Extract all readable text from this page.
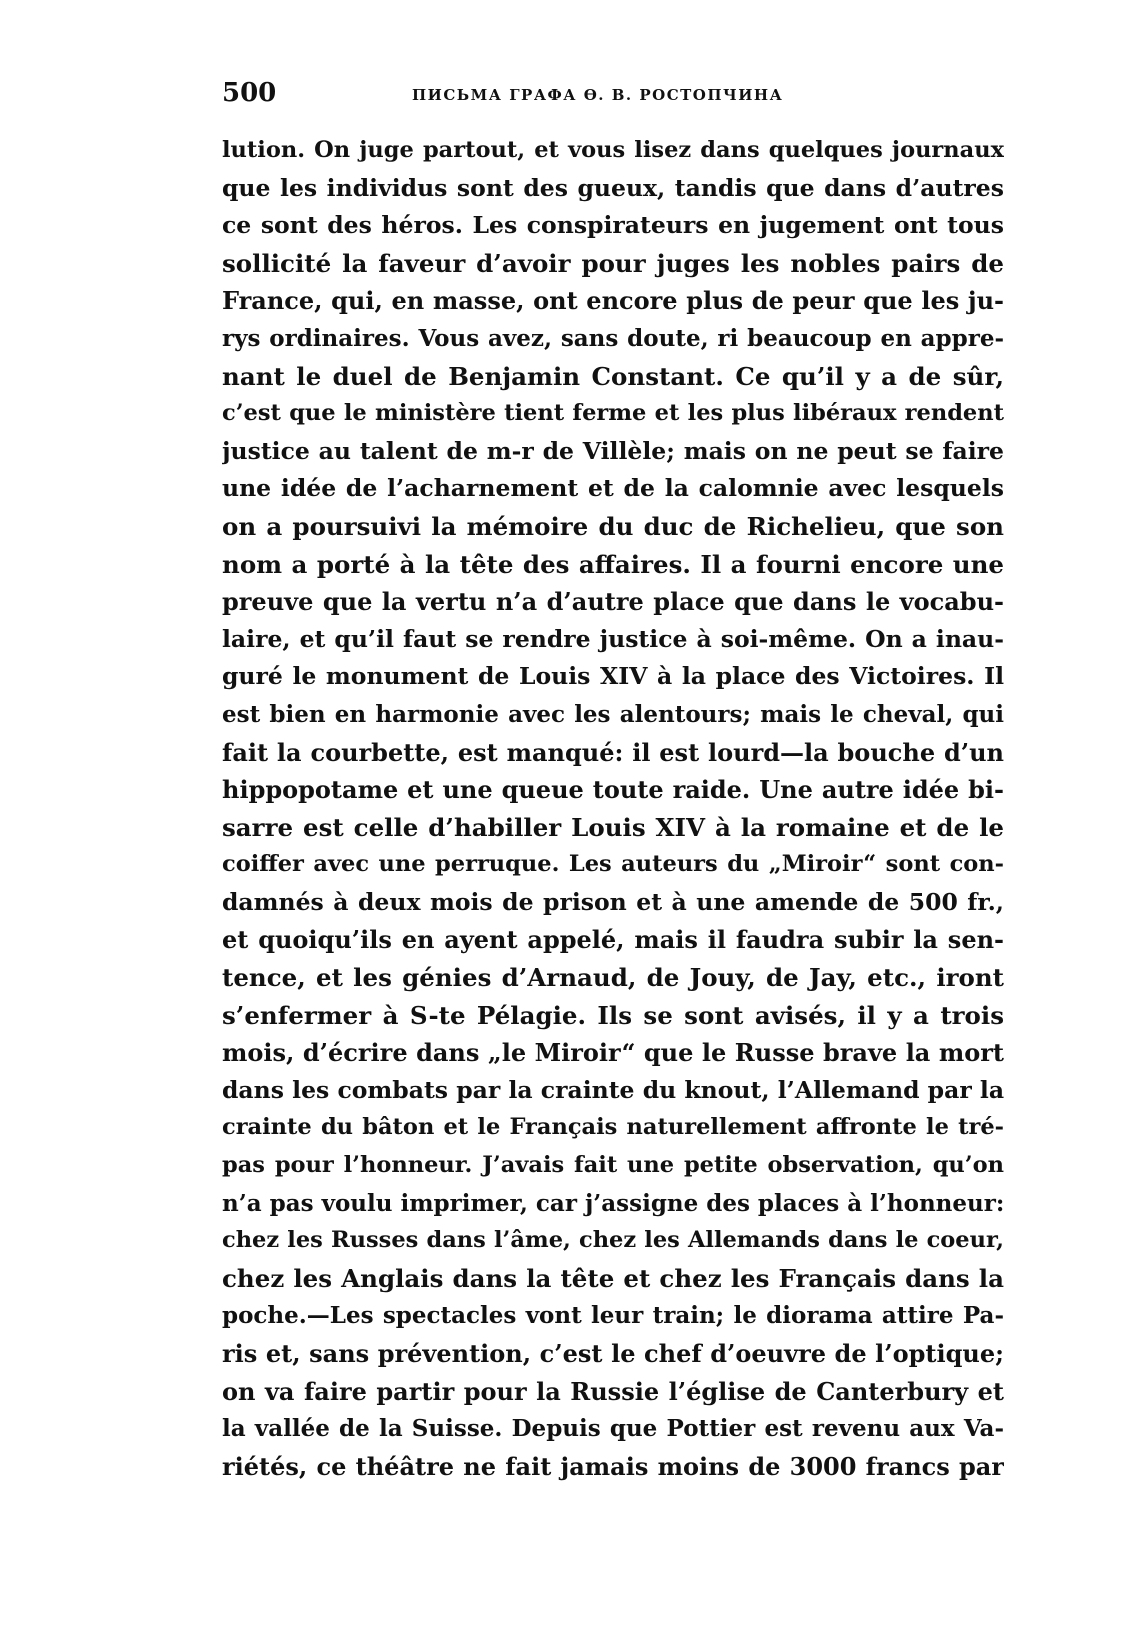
500	ПИСЬМА ГРАФА Ѳ. В. РОСТОПЧИНА
lution. On juge partout, et vous lisez dans quelques journaux
que les individus sont des gueux, tandis que dans d’autres
ce sont des héros. Les conspirateurs en jugement ont tous
sollicité la faveur d’avoir pour juges les nobles pairs de
France, qui, en masse, ont encore plus de peur que les ju-
rys ordinaires. Vous avez, sans doute, ri beaucoup en appre-
nant le duel de Benjamin Constant. Ce qu’il y a de sûr,
c’est que le ministère tient ferme et les plus libéraux rendent
justice au talent de m-r de Villèle; mais on ne peut se faire
une idée de l’acharnement et de la calomnie avec lesquels
on a poursuivi la mémoire du duc de Richelieu, que son
nom a porté à la tête des affaires. Il a fourni encore une
preuve que la vertu n’a d’autre place que dans le vocabu-
laire, et qu’il faut se rendre justice à soi-même. On a inau-
guré le monument de Louis XIV à la place des Victoires. Il
est bien en harmonie avec les alentours; mais le cheval, qui
fait la courbette, est manqué: il est lourd—la bouche d’un
hippopotame et une queue toute raide. Une autre idée bi-
sarre est celle d’habiller Louis XIV à la romaine et de le
coiffer avec une perruque. Les auteurs du „Miroir“ sont con-
damnés à deux mois de prison et à une amende de 500 fr.,
et quoiqu’ils en ayent appelé, mais il faudra subir la sen-
tence, et les génies d’Arnaud, de Jouy, de Jay, etc., iront
s’enfermer à S-te Pélagie. Ils se sont avisés, il y a trois
mois, d’écrire dans „le Miroir“ que le Russe brave la mort
dans les combats par la crainte du knout, l’Allemand par la
crainte du bâton et le Français naturellement affronte le tré-
pas pour l’honneur. J’avais fait une petite observation, qu’on
n’a pas voulu imprimer, car j’assigne des places à l’honneur:
chez les Russes dans l’âme, chez les Allemands dans le coeur,
chez les Anglais dans la tête et chez les Français dans la
poche.—Les spectacles vont leur train; le diorama attire Pa-
ris et, sans prévention, c’est le chef d’oeuvre de l’optique;
on va faire partir pour la Russie l’église de Canterbury et
la vallée de la Suisse. Depuis que Pottier est revenu aux Va-
riétés, ce théâtre ne fait jamais moins de 3000 francs par
